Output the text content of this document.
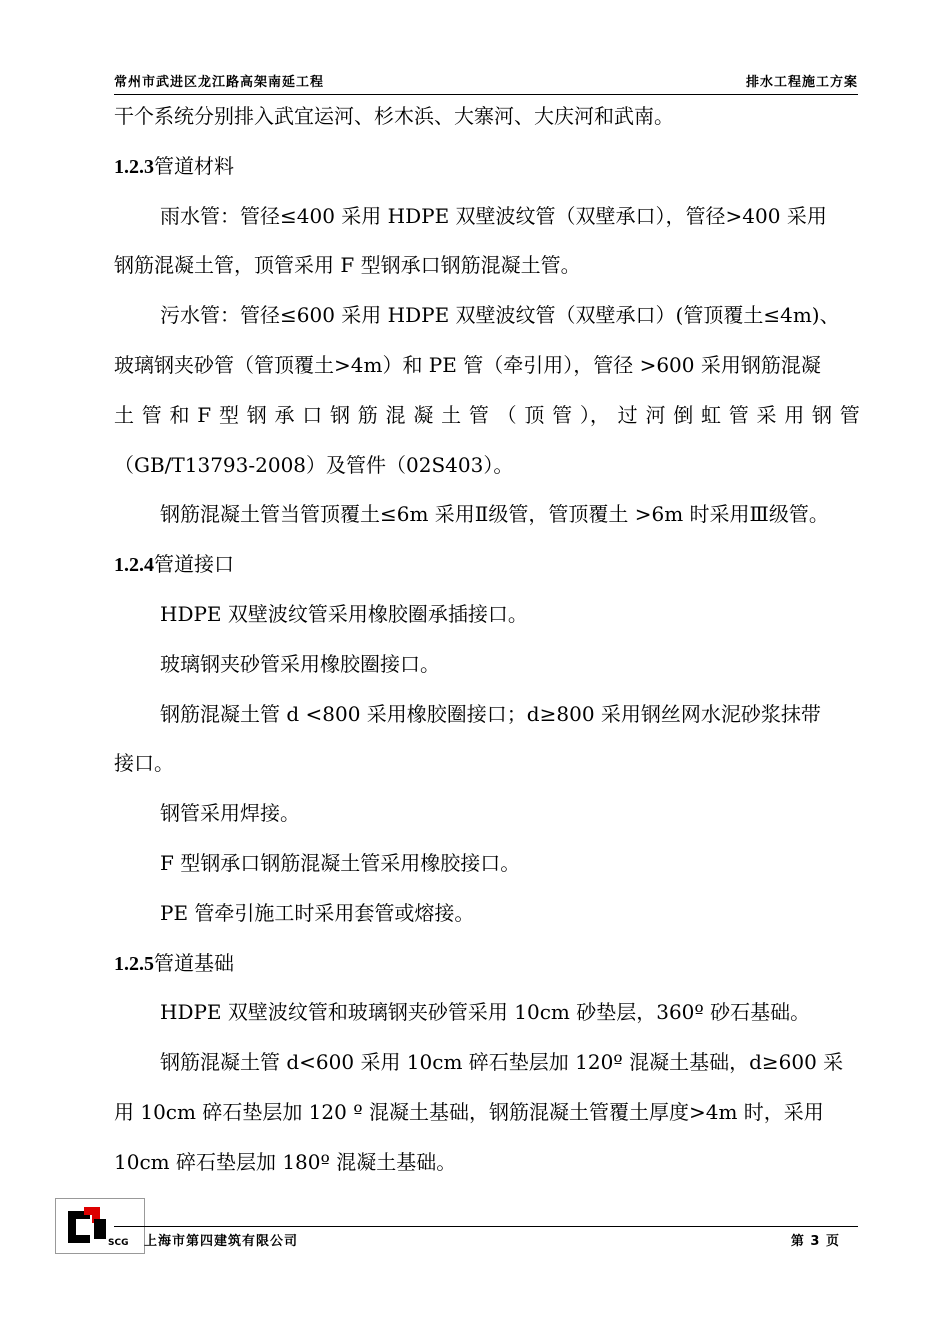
常州市武进区龙江路高架南延工程	排水工程施工方案
干个系统分别排入武宜运河、杉木浜、大寨河、大庆河和武南。
1.2.3管道材料
雨水管：管径≤400 采用 HDPE 双壁波纹管（双壁承口），管径>400 采用
钢筋混凝土管，顶管采用 F 型钢承口钢筋混凝土管。
污水管：管径≤600 采用 HDPE 双壁波纹管（双壁承口）(管顶覆土≤4m)、
玻璃钢夹砂管（管顶覆土>4m）和 PE 管（牵引用），管径 >600 采用钢筋混凝
土 管 和 F 型 钢 承 口 钢 筋 混 凝 土 管 （ 顶 管 ）， 过 河 倒 虹 管 采 用 钢 管
（GB/T13793-2008）及管件（02S403）。
钢筋混凝土管当管顶覆土≤6m 采用Ⅱ级管，管顶覆土 >6m 时采用Ⅲ级管。
1.2.4管道接口
HDPE 双壁波纹管采用橡胶圈承插接口。
玻璃钢夹砂管采用橡胶圈接口。
钢筋混凝土管 d <800 采用橡胶圈接口；d≥800 采用钢丝网水泥砂浆抹带
接口。
钢管采用焊接。
F 型钢承口钢筋混凝土管采用橡胶接口。
PE 管牵引施工时采用套管或熔接。
1.2.5管道基础
HDPE 双壁波纹管和玻璃钢夹砂管采用 10cm 砂垫层，360º 砂石基础。
钢筋混凝土管 d<600 采用 10cm 碎石垫层加 120º 混凝土基础，d≥600 采
用 10cm 碎石垫层加 120 º 混凝土基础，钢筋混凝土管覆土厚度>4m 时，采用
10cm 碎石垫层加 180º 混凝土基础。
SCG 上海市第四建筑有限公司	第 3 页
